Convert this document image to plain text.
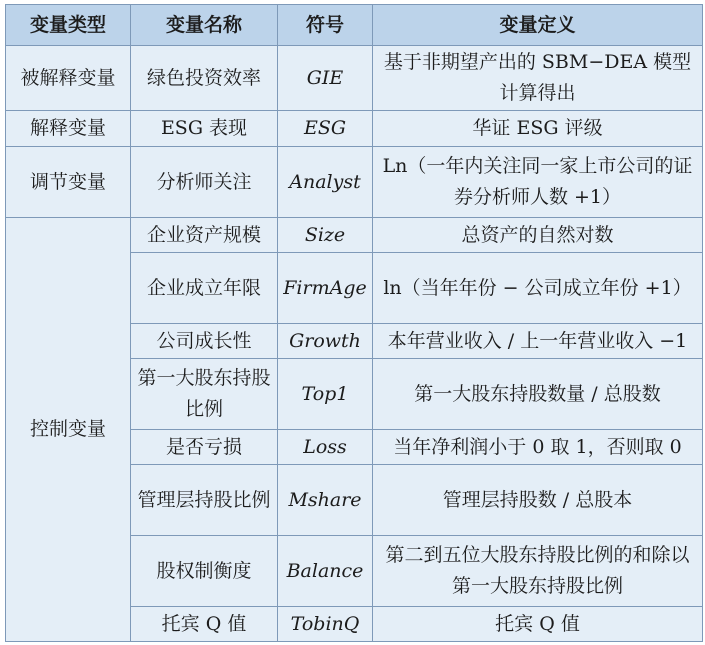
变量类型	变量名称	符号	变量定义
被解释变量	绿色投资效率	GIE	基于非期望产出的 SBM−DEA 模型计算得出
解释变量	ESG 表现	ESG	华证 ESG 评级
调节变量	分析师关注	Analyst	Ln（一年内关注同一家上市公司的证券分析师人数 +1）
控制变量	企业资产规模	Size	总资产的自然对数
	企业成立年限	FirmAge	ln（当年年份 − 公司成立年份 +1）
	公司成长性	Growth	本年营业收入 / 上一年营业收入 −1
	第一大股东持股比例	Top1	第一大股东持股数量 / 总股数
	是否亏损	Loss	当年净利润小于 0 取 1，否则取 0
	管理层持股比例	Mshare	管理层持股数 / 总股本
	股权制衡度	Balance	第二到五位大股东持股比例的和除以第一大股东持股比例
	托宾 Q 值	TobinQ	托宾 Q 值
